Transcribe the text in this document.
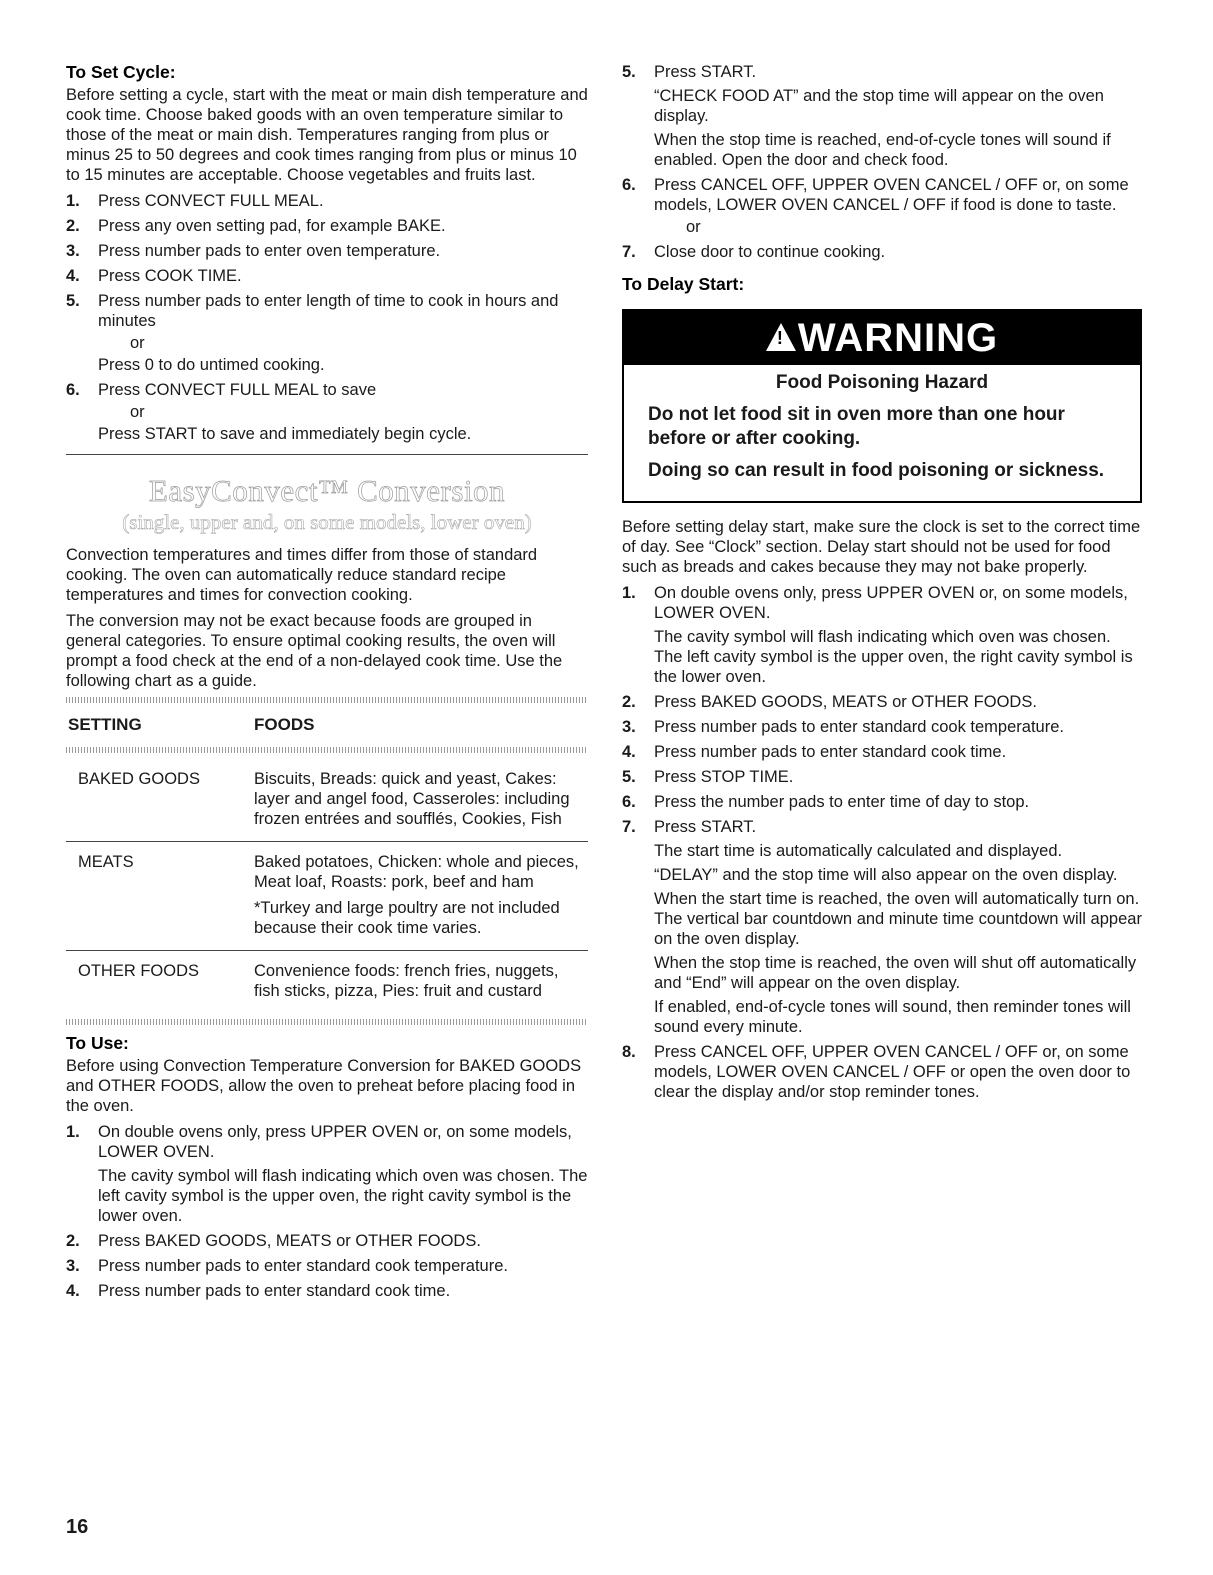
To Set Cycle:

Before setting a cycle, start with the meat or main dish temperature and cook time. Choose baked goods with an oven temperature similar to those of the meat or main dish. Temperatures ranging from plus or minus 25 to 50 degrees and cook times ranging from plus or minus 10 to 15 minutes are acceptable. Choose vegetables and fruits last.

1. Press CONVECT FULL MEAL.
2. Press any oven setting pad, for example BAKE.
3. Press number pads to enter oven temperature.
4. Press COOK TIME.
5. Press number pads to enter length of time to cook in hours and minutes
or
Press 0 to do untimed cooking.
6. Press CONVECT FULL MEAL to save
or
Press START to save and immediately begin cycle.
EasyConvect™ Conversion
(single, upper and, on some models, lower oven)

Convection temperatures and times differ from those of standard cooking. The oven can automatically reduce standard recipe temperatures and times for convection cooking.

The conversion may not be exact because foods are grouped in general categories. To ensure optimal cooking results, the oven will prompt a food check at the end of a non-delayed cook time. Use the following chart as a guide.

SETTING	FOODS

BAKED GOODS	Biscuits, Breads: quick and yeast, Cakes: layer and angel food, Casseroles: including frozen entrées and soufflés, Cookies, Fish
MEATS	Baked potatoes, Chicken: whole and pieces, Meat loaf, Roasts: pork, beef and ham
*Turkey and large poultry are not included because their cook time varies.

OTHER FOODS	Convenience foods: french fries, nuggets, fish sticks, pizza, Pies: fruit and custard
To Use:

Before using Convection Temperature Conversion for BAKED GOODS and OTHER FOODS, allow the oven to preheat before placing food in the oven.

1. On double ovens only, press UPPER OVEN or, on some models, LOWER OVEN.
The cavity symbol will flash indicating which oven was chosen. The left cavity symbol is the upper oven, the right cavity symbol is the lower oven.
2. Press BAKED GOODS, MEATS or OTHER FOODS.
3. Press number pads to enter standard cook temperature.
4. Press number pads to enter standard cook time.
5. Press START.
“CHECK FOOD AT” and the stop time will appear on the oven display.
When the stop time is reached, end-of-cycle tones will sound if enabled. Open the door and check food.
6. Press CANCEL OFF, UPPER OVEN CANCEL / OFF or, on some models, LOWER OVEN CANCEL / OFF if food is done to taste.
or
7. Close door to continue cooking.
To Delay Start:
!WARNING
Food Poisoning Hazard
Do not let food sit in oven more than one hour before or after cooking.
Doing so can result in food poisoning or sickness.

Before setting delay start, make sure the clock is set to the correct time of day. See “Clock” section. Delay start should not be used for food such as breads and cakes because they may not bake properly.

1. On double ovens only, press UPPER OVEN or, on some models, LOWER OVEN.
The cavity symbol will flash indicating which oven was chosen. The left cavity symbol is the upper oven, the right cavity symbol is the lower oven.
2. Press BAKED GOODS, MEATS or OTHER FOODS.
3. Press number pads to enter standard cook temperature.
4. Press number pads to enter standard cook time.
5. Press STOP TIME.
6. Press the number pads to enter time of day to stop.
7. Press START.
The start time is automatically calculated and displayed.
“DELAY” and the stop time will also appear on the oven display.
When the start time is reached, the oven will automatically turn on. The vertical bar countdown and minute time countdown will appear on the oven display.
When the stop time is reached, the oven will shut off automatically and “End” will appear on the oven display.
If enabled, end-of-cycle tones will sound, then reminder tones will sound every minute.
8. Press CANCEL OFF, UPPER OVEN CANCEL / OFF or, on some models, LOWER OVEN CANCEL / OFF or open the oven door to clear the display and/or stop reminder tones.
16
